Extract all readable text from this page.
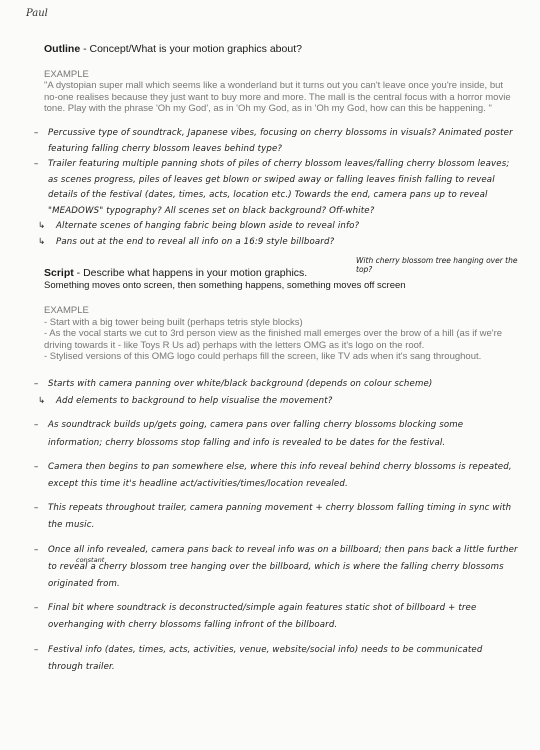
Paul

Outline - Concept/What is your motion graphics about?

EXAMPLE

"A dystopian super mall which seems like a wonderland but it turns out you can't leave once you're inside, but no-one realises because they just want to buy more and more. The mall is the central focus with a horror movie tone. Play with the phrase 'Oh my God', as in 'Oh my God, as in 'Oh my God, how can this be happening. "

– Percussive type of soundtrack, Japanese vibes, focusing on cherry blossoms in visuals? Animated poster featuring falling cherry blossom leaves behind type?

– Trailer featuring multiple panning shots of piles of cherry blossom leaves/falling cherry blossom leaves; as scenes progress, piles of leaves get blown or swiped away or falling leaves finish falling to reveal details of the festival (dates, times, acts, location etc.) Towards the end, camera pans up to reveal "MEADOWS" typography? All scenes set on black background? Off-white?

↳ Alternate scenes of hanging fabric being blown aside to reveal info?

↳ Pans out at the end to reveal all info on a 16:9 style billboard?

With cherry blossom tree hanging over the top?

Script - Describe what happens in your motion graphics.

Something moves onto screen, then something happens, something moves off screen

EXAMPLE

- Start with a big tower being built (perhaps tetris style blocks)

- As the vocal starts we cut to 3rd person view as the finished mall emerges over the brow of a hill (as if we're driving towards it - like Toys R Us ad) perhaps with the letters OMG as it's logo on the roof.

- Stylised versions of this OMG logo could perhaps fill the screen, like TV ads when it's sang throughout.

– Starts with camera panning over white/black background (depends on colour scheme)

↳ Add elements to background to help visualise the movement?

– As soundtrack builds up/gets going, camera pans over falling cherry blossoms blocking some information; cherry blossoms stop falling and info is revealed to be dates for the festival.

– Camera then begins to pan somewhere else, where this info reveal behind cherry blossoms is repeated, except this time it's headline act/activities/times/location revealed.

– This repeats throughout trailer, camera panning movement + cherry blossom falling timing in sync with the music.

– Once all info revealed, camera pans back to reveal info was on a billboard; then pans back a little further to reveal a cherry blossom tree hanging over the billboard, which is where the falling cherry blossoms originated from.

– Final bit where soundtrack is deconstructed/simple again features static shot of billboard + tree overhanging with cherry blossoms falling infront of the billboard.

– Festival info (dates, times, acts, activities, venue, website/social info) needs to be communicated through trailer.

constant
